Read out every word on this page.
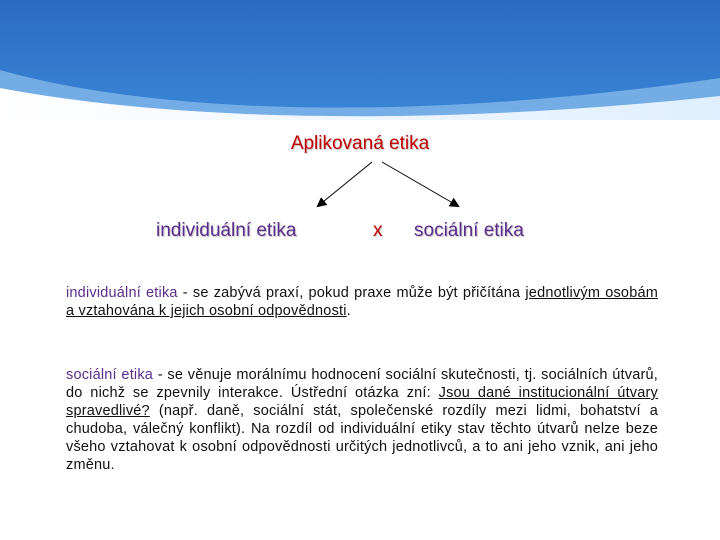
Aplikovaná etika
individuální etika	x sociální etika
individuální etika - se zabývá praxí, pokud praxe může být přičítána jednotlivým osobám a vztahována k jejich osobní odpovědnosti.
sociální etika - se věnuje morálnímu hodnocení sociální skutečnosti, tj. sociálních útvarů, do nichž se zpevnily interakce. Ústřední otázka zní: Jsou dané institucionální útvary spravedlivé? (např. daně, sociální stát, společenské rozdíly mezi lidmi, bohatství a chudoba, válečný konflikt). Na rozdíl od individuální etiky stav těchto útvarů nelze beze všeho vztahovat k osobní odpovědnosti určitých jednotlivců, a to ani jeho vznik, ani jeho změnu.
